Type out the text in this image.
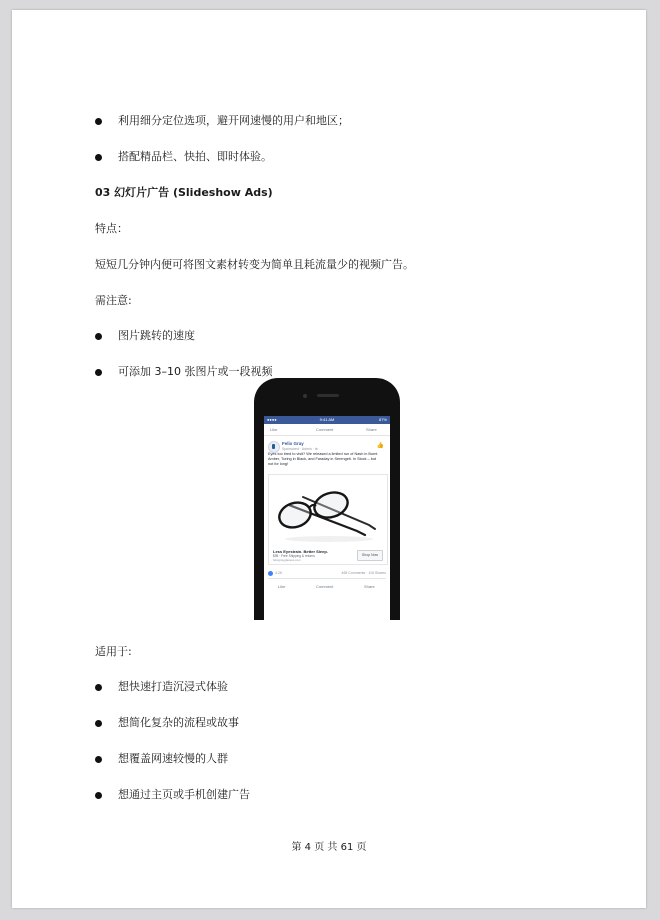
利用细分定位选项，避开网速慢的用户和地区；
搭配精品栏、快拍、即时体验。
03 幻灯片广告 (Slideshow Ads)
特点：
短短几分钟内便可将图文素材转变为简单且耗流量少的视频广告。
需注意:
图片跳转的速度
可添加 3–10 张图片或一段视频
●●●●	9:41 AM	87%
Like	Comment	Share
Felix Gray
Sponsored · Admin · ⊕	👍
Eyes too tired to visit? We released a limited run of Nash in Burnt Amber, Turing in Black, and Faraday in Serengeti. In Stock – but not for long!
Less Eyestrain. Better Sleep.
$95 · Free Shipping & returns
felixgrayglasses.com
Shop Now
4.2K	465 Comments · 116 Shares
Like	Comment	Share
适用于:
想快速打造沉浸式体验
想简化复杂的流程或故事
想覆盖网速较慢的人群
想通过主页或手机创建广告
第 4 页 共 61 页
